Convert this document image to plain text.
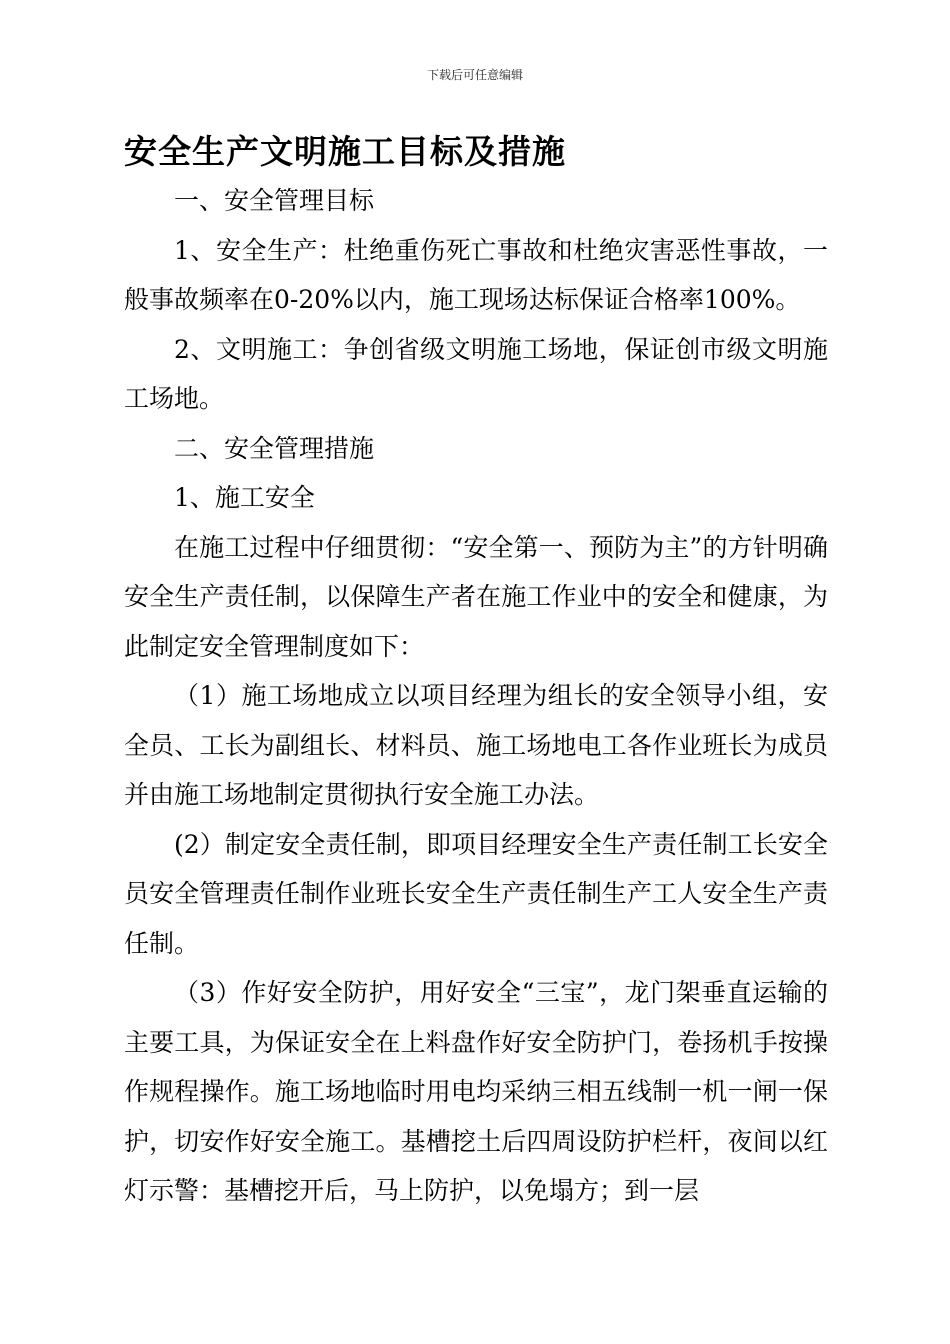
下载后可任意编辑
安全生产文明施工目标及措施

一、安全管理目标

1、安全生产：杜绝重伤死亡事故和杜绝灾害恶性事故，一般事故频率在0-20%以内，施工现场达标保证合格率100%。

2、文明施工：争创省级文明施工场地，保证创市级文明施工场地。

二、安全管理措施

1、施工安全

在施工过程中仔细贯彻：“安全第一、预防为主”的方针明确安全生产责任制，以保障生产者在施工作业中的安全和健康，为此制定安全管理制度如下：

（1）施工场地成立以项目经理为组长的安全领导小组，安全员、工长为副组长、材料员、施工场地电工各作业班长为成员并由施工场地制定贯彻执行安全施工办法。

(2）制定安全责任制，即项目经理安全生产责任制工长安全员安全管理责任制作业班长安全生产责任制生产工人安全生产责任制。

（3）作好安全防护，用好安全“三宝”，龙门架垂直运输的主要工具，为保证安全在上料盘作好安全防护门，卷扬机手按操作规程操作。施工场地临时用电均采纳三相五线制一机一闸一保护，切安作好安全施工。基槽挖土后四周设防护栏杆，夜间以红灯示警：基槽挖开后，马上防护，以免塌方；到一层
